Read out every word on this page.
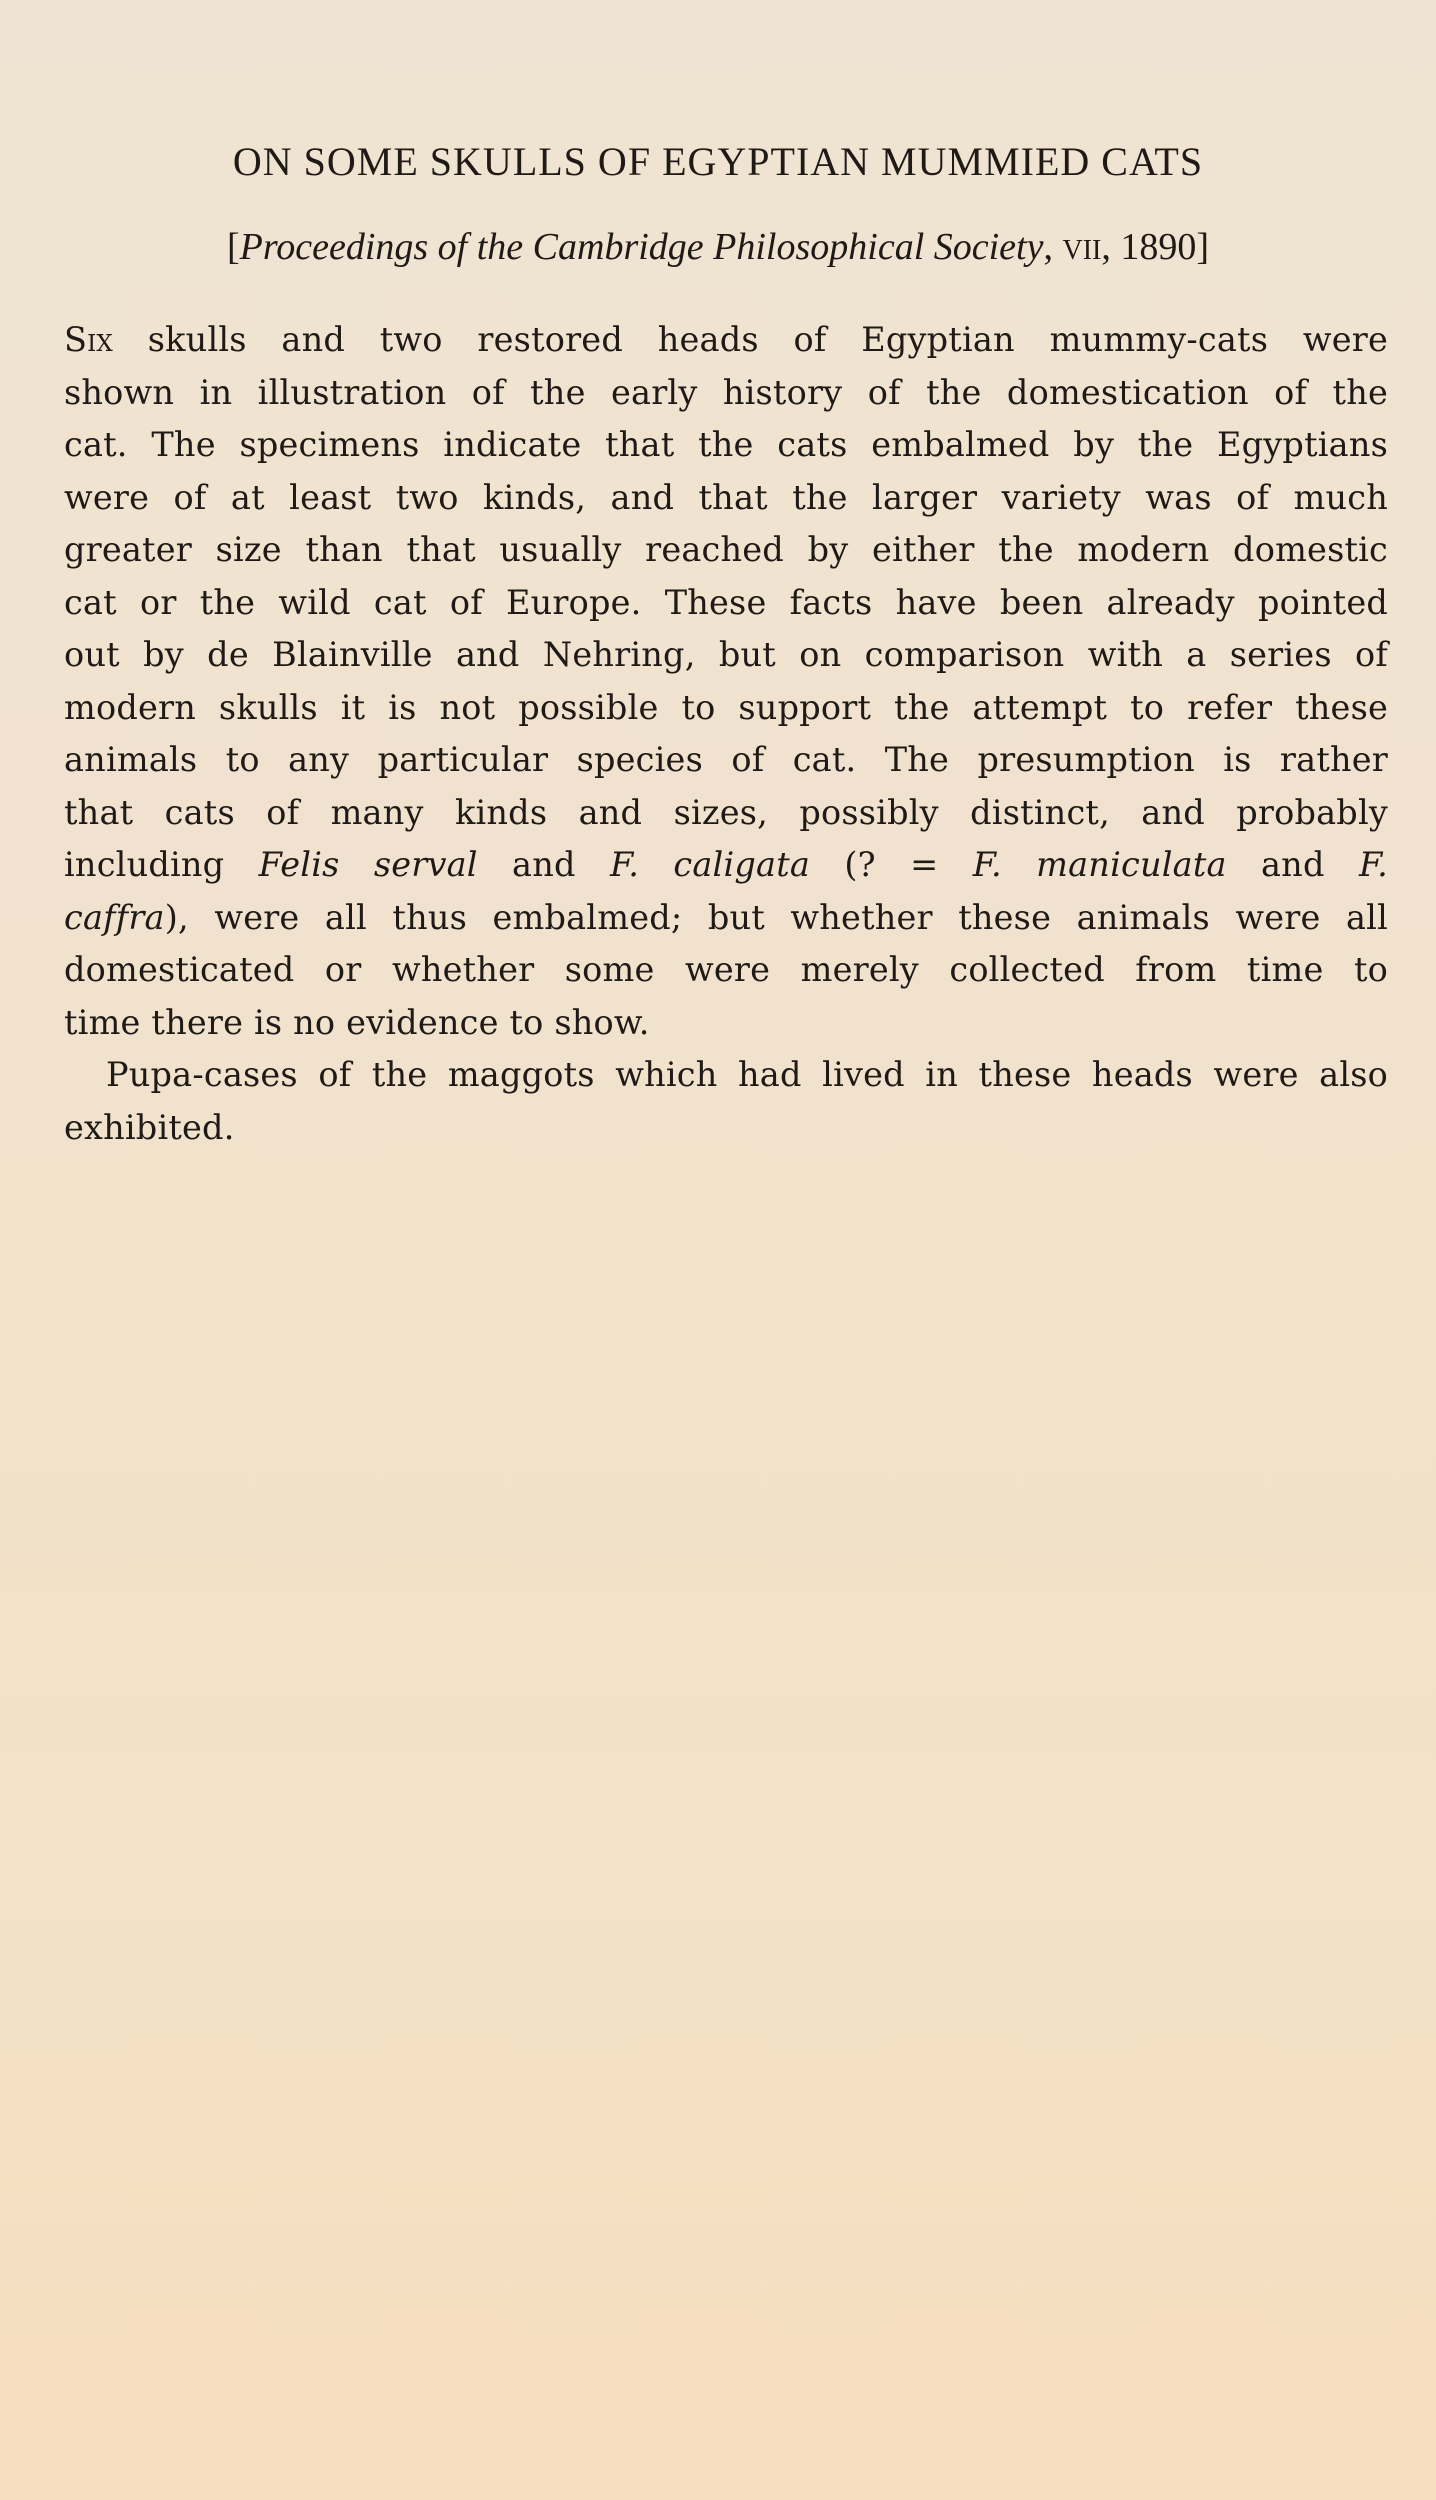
ON SOME SKULLS OF EGYPTIAN MUMMIED CATS
[Proceedings of the Cambridge Philosophical Society, vii, 1890]
Six skulls and two restored heads of Egyptian mummy-cats were
shown in illustration of the early history of the domestication of the
cat. The specimens indicate that the cats embalmed by the Egyptians
were of at least two kinds, and that the larger variety was of much
greater size than that usually reached by either the modern domestic
cat or the wild cat of Europe. These facts have been already pointed
out by de Blainville and Nehring, but on comparison with a series of
modern skulls it is not possible to support the attempt to refer these
animals to any particular species of cat. The presumption is rather
that cats of many kinds and sizes, possibly distinct, and probably
including Felis serval and F. caligata (? = F. maniculata and F.
caffra), were all thus embalmed; but whether these animals were all
domesticated or whether some were merely collected from time to
time there is no evidence to show.
Pupa-cases of the maggots which had lived in these heads were also
exhibited.
